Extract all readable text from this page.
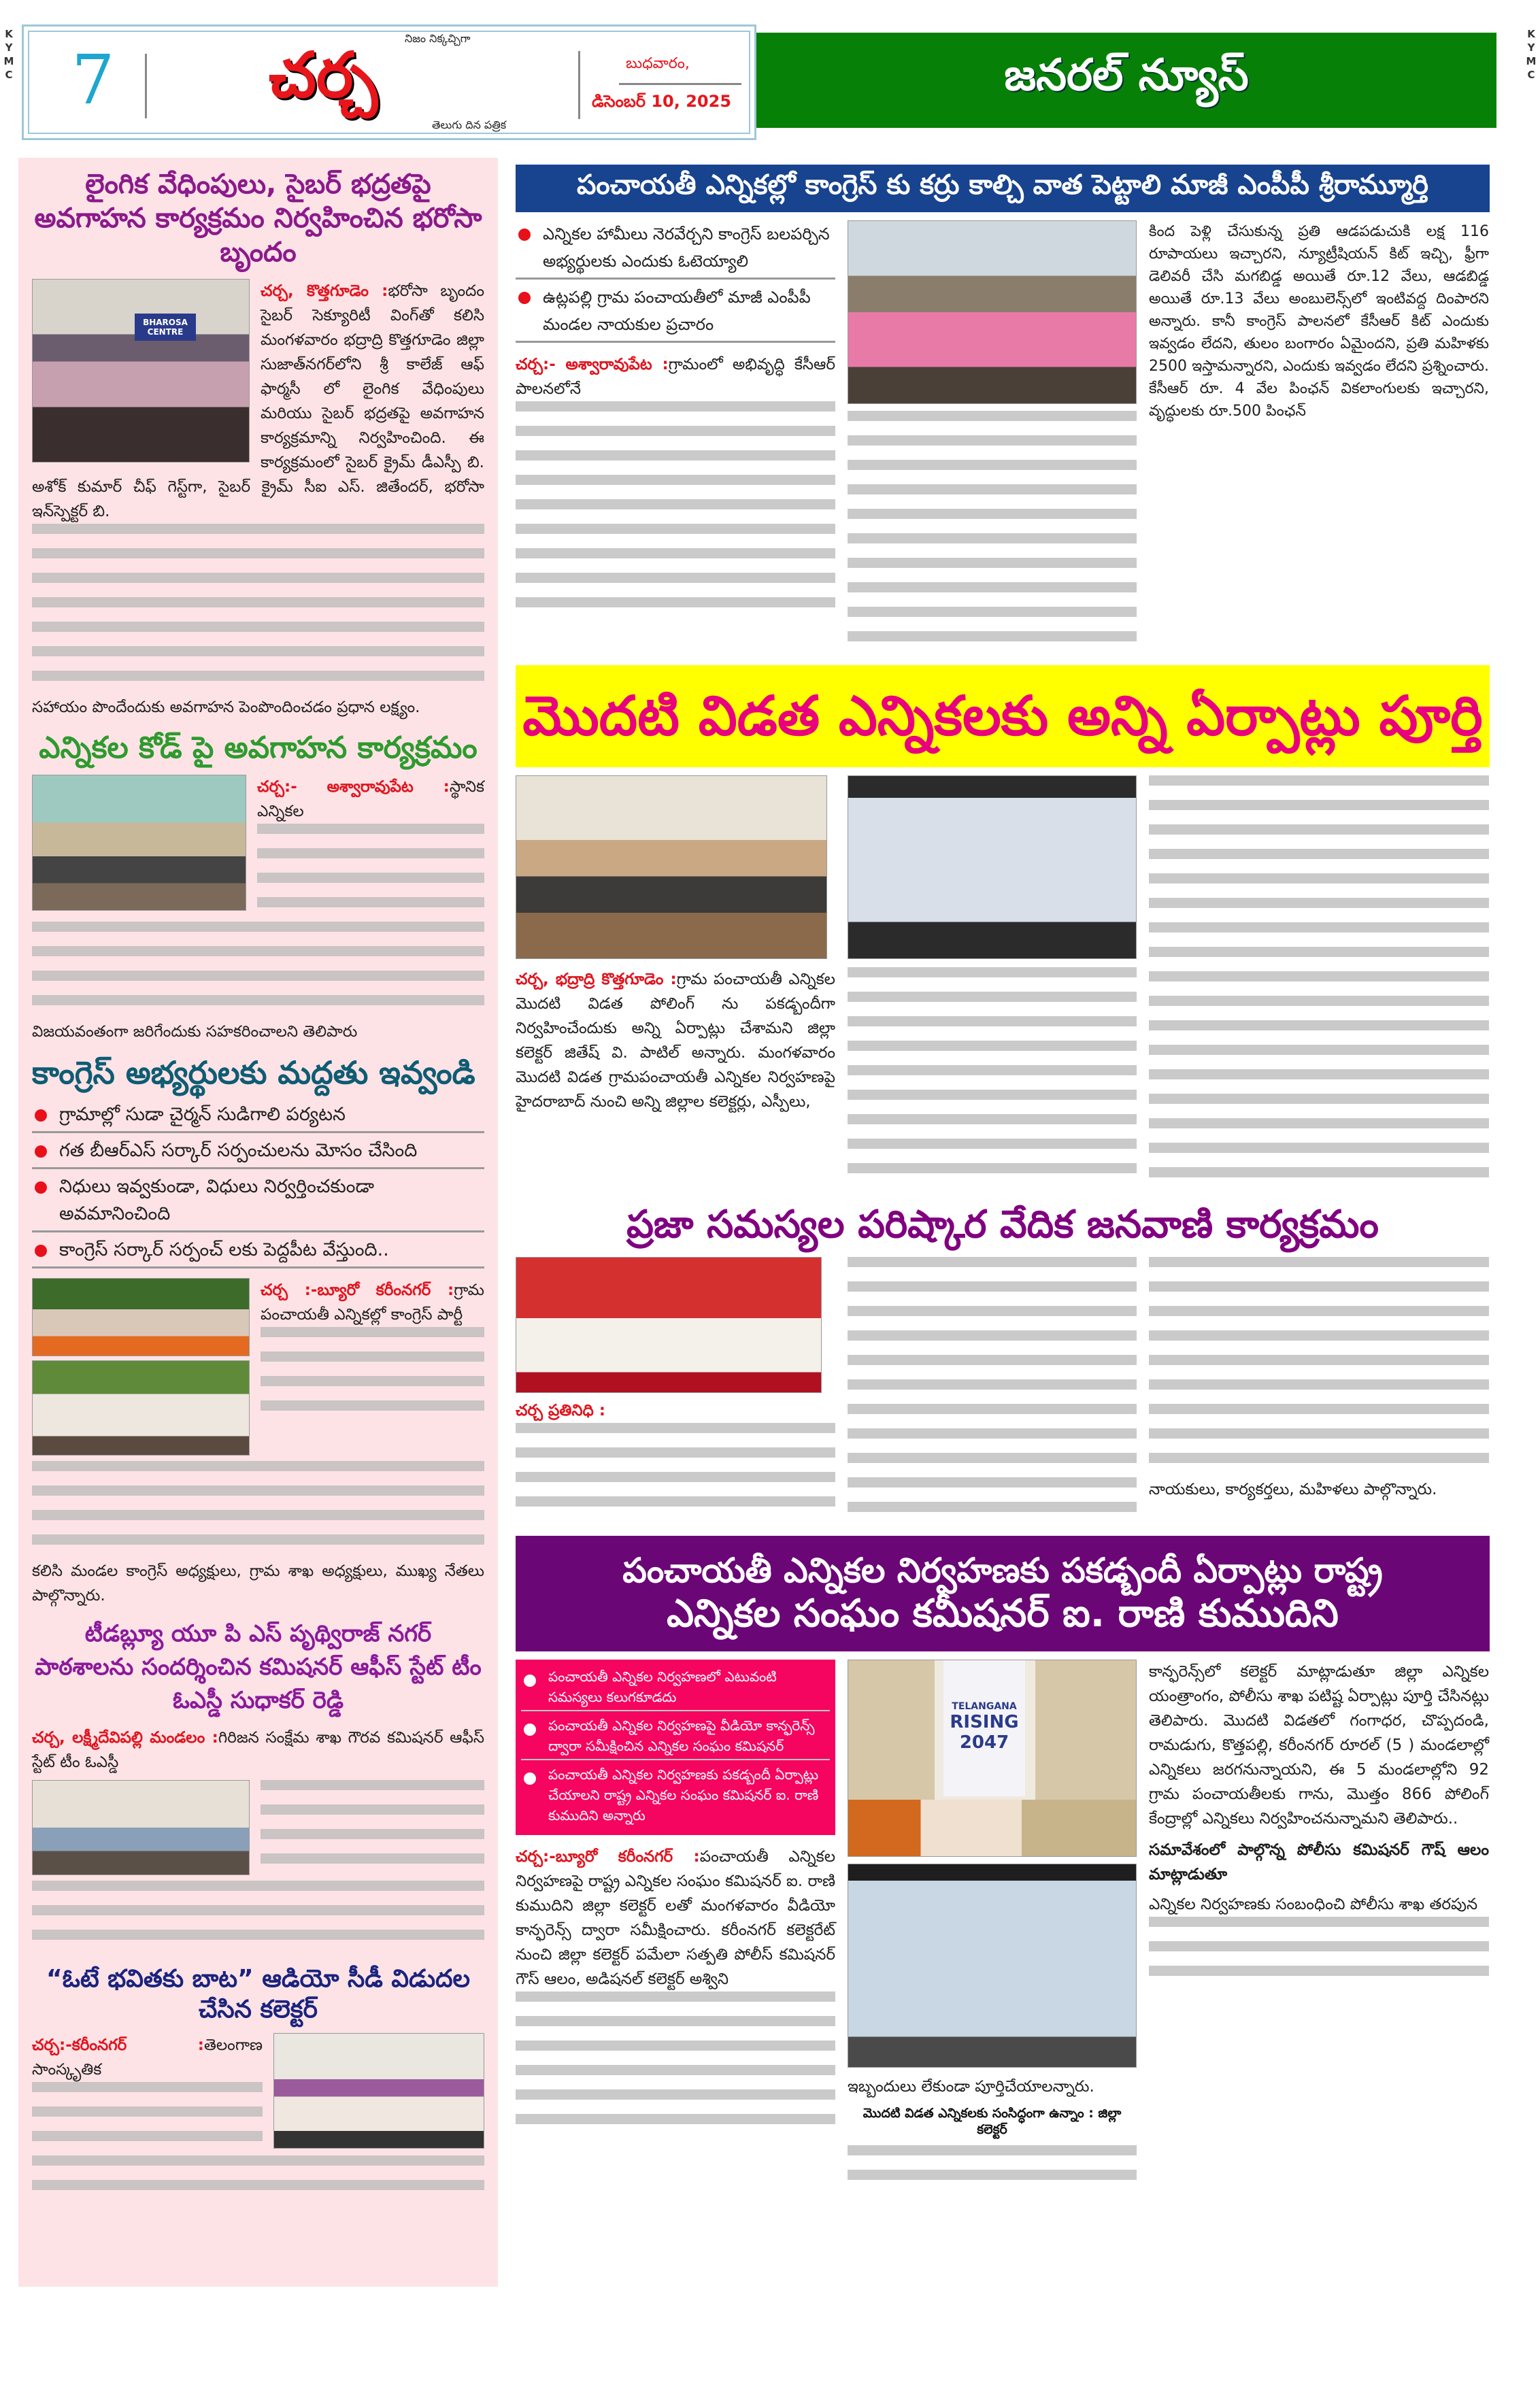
KYMC
KYMC
7
నిజం నిక్కచ్చిగా
చర్చ
తెలుగు దిన పత్రిక
బుధవారం,
డిసెంబర్ 10, 2025
జనరల్ న్యూస్
లైంగిక వేధింపులు, సైబర్ భద్రతపై అవగాహన కార్యక్రమం నిర్వహించిన భరోసా బృందం
BHAROSA CENTRE
చర్చ, కొత్తగూడెం :భరోసా బృందం సైబర్ సెక్యూరిటీ వింగ్‌తో కలిసి మంగళవారం భద్రాద్రి కొత్తగూడెం జిల్లా సుజాత్‌నగర్‌లోని శ్రీ కాలేజ్ ఆఫ్ ఫార్మసీ లో లైంగిక వేధింపులు మరియు సైబర్ భద్రతపై అవగాహన కార్యక్రమాన్ని నిర్వహించింది. ఈ కార్యక్రమంలో సైబర్ క్రైమ్ డీఎస్పీ బి. అశోక్ కుమార్ చీఫ్ గెస్ట్‌గా, సైబర్ క్రైమ్ సీఐ ఎస్. జితేందర్, భరోసా ఇన్‌స్పెక్టర్ బి.
సహాయం పొందేందుకు అవగాహన పెంపొందించడం ప్రధాన లక్ష్యం.
ఎన్నికల కోడ్ పై అవగాహన కార్యక్రమం
చర్చ:- అశ్వారావుపేట :స్థానిక ఎన్నికల
విజయవంతంగా జరిగేందుకు సహకరించాలని తెలిపారు
కాంగ్రెస్ అభ్యర్థులకు మద్దతు ఇవ్వండి
గ్రామాల్లో సుడా చైర్మన్ సుడిగాలి పర్యటన
గత బీఆర్ఎస్ సర్కార్ సర్పంచులను మోసం చేసింది
నిధులు ఇవ్వకుండా, విధులు నిర్వర్తించకుండా అవమానించింది
కాంగ్రెస్ సర్కార్ సర్పంచ్ లకు పెద్దపీట వేస్తుంది..
చర్చ :-బ్యూరో కరీంనగర్ :గ్రామ పంచాయతీ ఎన్నికల్లో కాంగ్రెస్ పార్టీ
కలిసి మండల కాంగ్రెస్ అధ్యక్షులు, గ్రామ శాఖ అధ్యక్షులు, ముఖ్య నేతలు పాల్గొన్నారు.
టీడబ్ల్యూ యూ పి ఎస్ పృథ్విరాజ్ నగర్ పాఠశాలను సందర్శించిన కమిషనర్ ఆఫీస్ స్టేట్ టీం ఓఎస్డీ సుధాకర్ రెడ్డి
చర్చ, లక్ష్మీదేవిపల్లి మండలం :గిరిజన సంక్షేమ శాఖ గౌరవ కమిషనర్ ఆఫీస్ స్టేట్ టీం ఓఎస్డీ
“ఓటే భవితకు బాట” ఆడియో సీడీ విడుదల చేసిన కలెక్టర్
చర్చ:-కరీంనగర్ :తెలంగాణ సాంస్కృతిక
పంచాయతీ ఎన్నికల్లో కాంగ్రెస్ కు కర్రు కాల్చి వాత పెట్టాలి మాజీ ఎంపీపీ శ్రీరామ్మూర్తి
ఎన్నికల హామీలు నెరవేర్చని కాంగ్రెస్ బలపర్చిన అభ్యర్థులకు ఎందుకు ఓటెయ్యాలి
ఉట్లపల్లి గ్రామ పంచాయతీలో మాజీ ఎంపీపీ మండల నాయకుల ప్రచారం
చర్చ:- అశ్వారావుపేట :గ్రామంలో అభివృద్ధి కేసీఆర్ పాలనలోనే
కింద పెళ్లి చేసుకున్న ప్రతి ఆడపడుచుకి లక్ష 116 రూపాయలు ఇచ్చారని, న్యూట్రీషియన్ కిట్ ఇచ్చి, ఫ్రీగా డెలివరీ చేసి మగబిడ్డ అయితే రూ.12 వేలు, ఆడబిడ్డ అయితే రూ.13 వేలు అంబులెన్స్‌లో ఇంటివద్ద దింపారని అన్నారు. కానీ కాంగ్రెస్ పాలనలో కేసీఆర్ కిట్ ఎందుకు ఇవ్వడం లేదని, తులం బంగారం ఏమైందని, ప్రతి మహిళకు 2500 ఇస్తామన్నారని, ఎందుకు ఇవ్వడం లేదని ప్రశ్నించారు. కేసీఆర్ రూ. 4 వేల పింఛన్ వికలాంగులకు ఇచ్చారని, వృద్ధులకు రూ.500 పింఛన్
మొదటి విడత ఎన్నికలకు అన్ని ఏర్పాట్లు పూర్తి
చర్చ, భద్రాద్రి కొత్తగూడెం :గ్రామ పంచాయతీ ఎన్నికల మొదటి విడత పోలింగ్ ను పకడ్బందీగా నిర్వహించేందుకు అన్ని ఏర్పాట్లు చేశామని జిల్లా కలెక్టర్ జితేష్ వి. పాటిల్ అన్నారు. మంగళవారం మొదటి విడత గ్రామపంచాయతీ ఎన్నికల నిర్వహణపై హైదరాబాద్ నుంచి అన్ని జిల్లాల కలెక్టర్లు, ఎస్పీలు,
ప్రజా సమస్యల పరిష్కార వేదిక జనవాణి కార్యక్రమం
చర్చ ప్రతినిధి :
నాయకులు, కార్యకర్తలు, మహిళలు పాల్గొన్నారు.
పంచాయతీ ఎన్నికల నిర్వహణకు పకడ్బందీ ఏర్పాట్లు రాష్ట్ర
ఎన్నికల సంఘం కమీషనర్ ఐ. రాణి కుముదిని
పంచాయతీ ఎన్నికల నిర్వహణలో ఎటువంటి సమస్యలు కలుగకూడదు
పంచాయతీ ఎన్నికల నిర్వహణపై వీడియో కాన్ఫరెన్స్ ద్వారా సమీక్షించిన ఎన్నికల సంఘం కమిషనర్
పంచాయతీ ఎన్నికల నిర్వహణకు పకడ్బందీ ఏర్పాట్లు చేయాలని రాష్ట్ర ఎన్నికల సంఘం కమిషనర్ ఐ. రాణి కుముదిని అన్నారు
చర్చ:-బ్యూరో కరీంనగర్ :పంచాయతీ ఎన్నికల నిర్వహణపై రాష్ట్ర ఎన్నికల సంఘం కమిషనర్ ఐ. రాణి కుముదిని జిల్లా కలెక్టర్ లతో మంగళవారం వీడియో కాన్ఫరెన్స్ ద్వారా సమీక్షించారు. కరీంనగర్ కలెక్టరేట్ నుంచి జిల్లా కలెక్టర్ పమేలా సత్పతి పోలీస్ కమిషనర్ గౌస్ ఆలం, అడిషనల్ కలెక్టర్ అశ్విని
TELANGANA
RISING
2047
ఇబ్బందులు లేకుండా పూర్తిచేయాలన్నారు.
మొదటి విడత ఎన్నికలకు సంసిద్ధంగా ఉన్నాం : జిల్లా కలెక్టర్
కాన్ఫరెన్స్‌లో కలెక్టర్ మాట్లాడుతూ జిల్లా ఎన్నికల యంత్రాంగం, పోలీసు శాఖ పటిష్ట ఏర్పాట్లు పూర్తి చేసినట్లు తెలిపారు. మొదటి విడతలో గంగాధర, చొప్పదండి, రామడుగు, కొత్తపల్లి, కరీంనగర్ రూరల్ (5 ) మండలాల్లో ఎన్నికలు జరగనున్నాయని, ఈ 5 మండలాల్లోని 92 గ్రామ పంచాయతీలకు గాను, మొత్తం 866 పోలింగ్ కేంద్రాల్లో ఎన్నికలు నిర్వహించనున్నామని తెలిపారు..
సమావేశంలో పాల్గొన్న పోలీసు కమిషనర్ గౌష్ ఆలం మాట్లాడుతూ
ఎన్నికల నిర్వహణకు సంబంధించి పోలీసు శాఖ తరపున
